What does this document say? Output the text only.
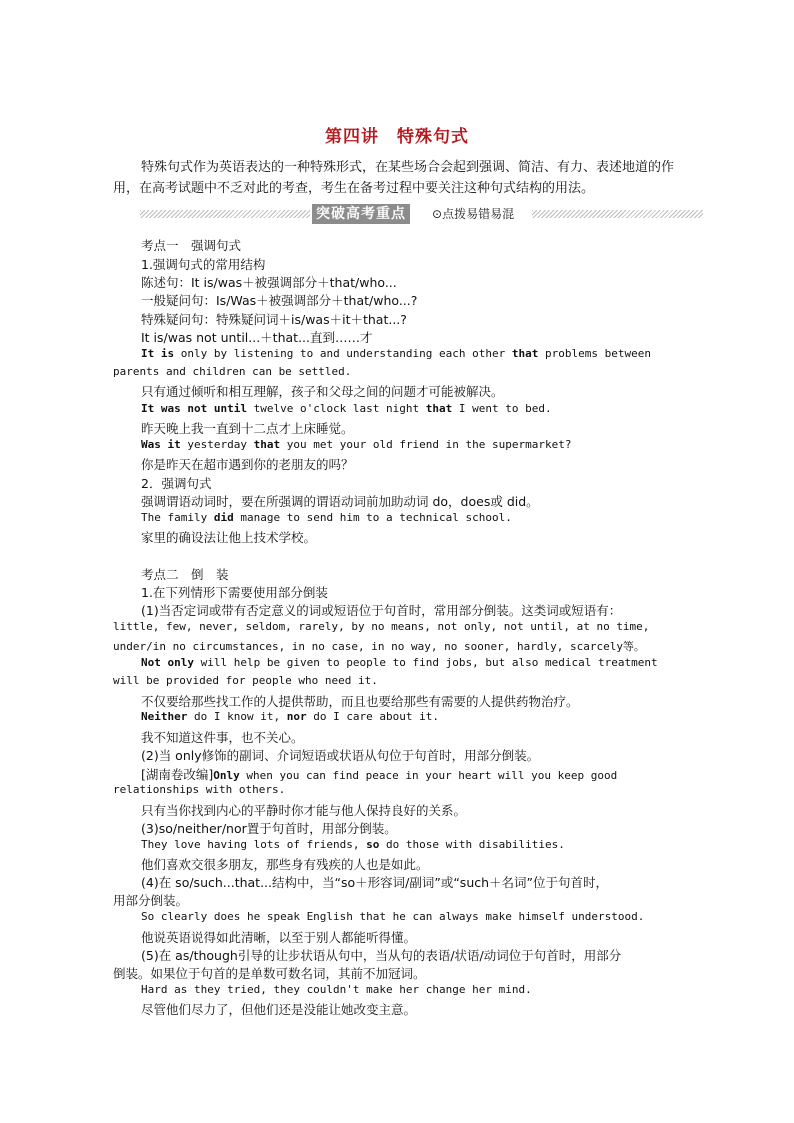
第四讲　特殊句式

特殊句式作为英语表达的一种特殊形式，在某些场合会起到强调、简洁、有力、表述地道的作用，在高考试题中不乏对此的考查，考生在备考过程中要关注这种句式结构的用法。

突破高考重点	⊙点拨易错易混
考点一　强调句式
1.强调句式的常用结构
陈述句：It is/was＋被强调部分＋that/who...
一般疑问句：Is/Was＋被强调部分＋that/who...?
特殊疑问句：特殊疑问词＋is/was＋it＋that...?
It is/was not until...＋that...直到……才
It is only by listening to and understanding each other that problems between
parents and children can be settled.
只有通过倾听和相互理解，孩子和父母之间的问题才可能被解决。
It was not until twelve o'clock last night that I went to bed.
昨天晚上我一直到十二点才上床睡觉。
Was it yesterday that you met your old friend in the supermarket?
你是昨天在超市遇到你的老朋友的吗？
2．强调句式
强调谓语动词时，要在所强调的谓语动词前加助动词 do，does或 did。
The family did manage to send him to a technical school.
家里的确设法让他上技术学校。
考点二　倒　装
1.在下列情形下需要使用部分倒装
(1)当否定词或带有否定意义的词或短语位于句首时，常用部分倒装。这类词或短语有：
little, few, never, seldom, rarely, by no means, not only, not until, at no time,
under/in no circumstances, in no case, in no way, no sooner, hardly, scarcely等。
Not only will help be given to people to find jobs, but also medical treatment
will be provided for people who need it.
不仅要给那些找工作的人提供帮助，而且也要给那些有需要的人提供药物治疗。
Neither do I know it, nor do I care about it.
我不知道这件事，也不关心。
(2)当 only修饰的副词、介词短语或状语从句位于句首时，用部分倒装。
[湖南卷改编]Only when you can find peace in your heart will you keep good
relationships with others.
只有当你找到内心的平静时你才能与他人保持良好的关系。
(3)so/neither/nor置于句首时，用部分倒装。
They love having lots of friends, so do those with disabilities.
他们喜欢交很多朋友，那些身有残疾的人也是如此。
(4)在 so/such...that...结构中，当“so＋形容词/副词”或“such＋名词”位于句首时，
用部分倒装。
So clearly does he speak English that he can always make himself understood.
他说英语说得如此清晰，以至于别人都能听得懂。
(5)在 as/though引导的让步状语从句中，当从句的表语/状语/动词位于句首时，用部分
倒装。如果位于句首的是单数可数名词，其前不加冠词。
Hard as they tried, they couldn't make her change her mind.
尽管他们尽力了，但他们还是没能让她改变主意。
